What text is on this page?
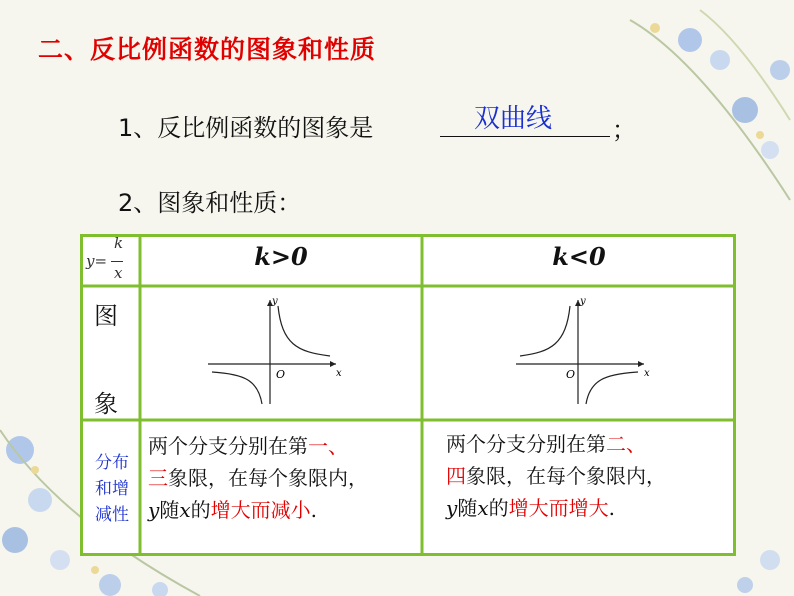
二、反比例函数的图象和性质
1、反比例函数的图象是	双曲线 ；
2、图象和性质：
y=
k
x
k>0	k<0
图
象
y
x
O
y
x
O
分布
和增
减性
两个分支分别在第一、
三象限，在每个象限内，
y随x的增大而减小.
两个分支分别在第二、
四象限，在每个象限内，
y随x的增大而增大.
